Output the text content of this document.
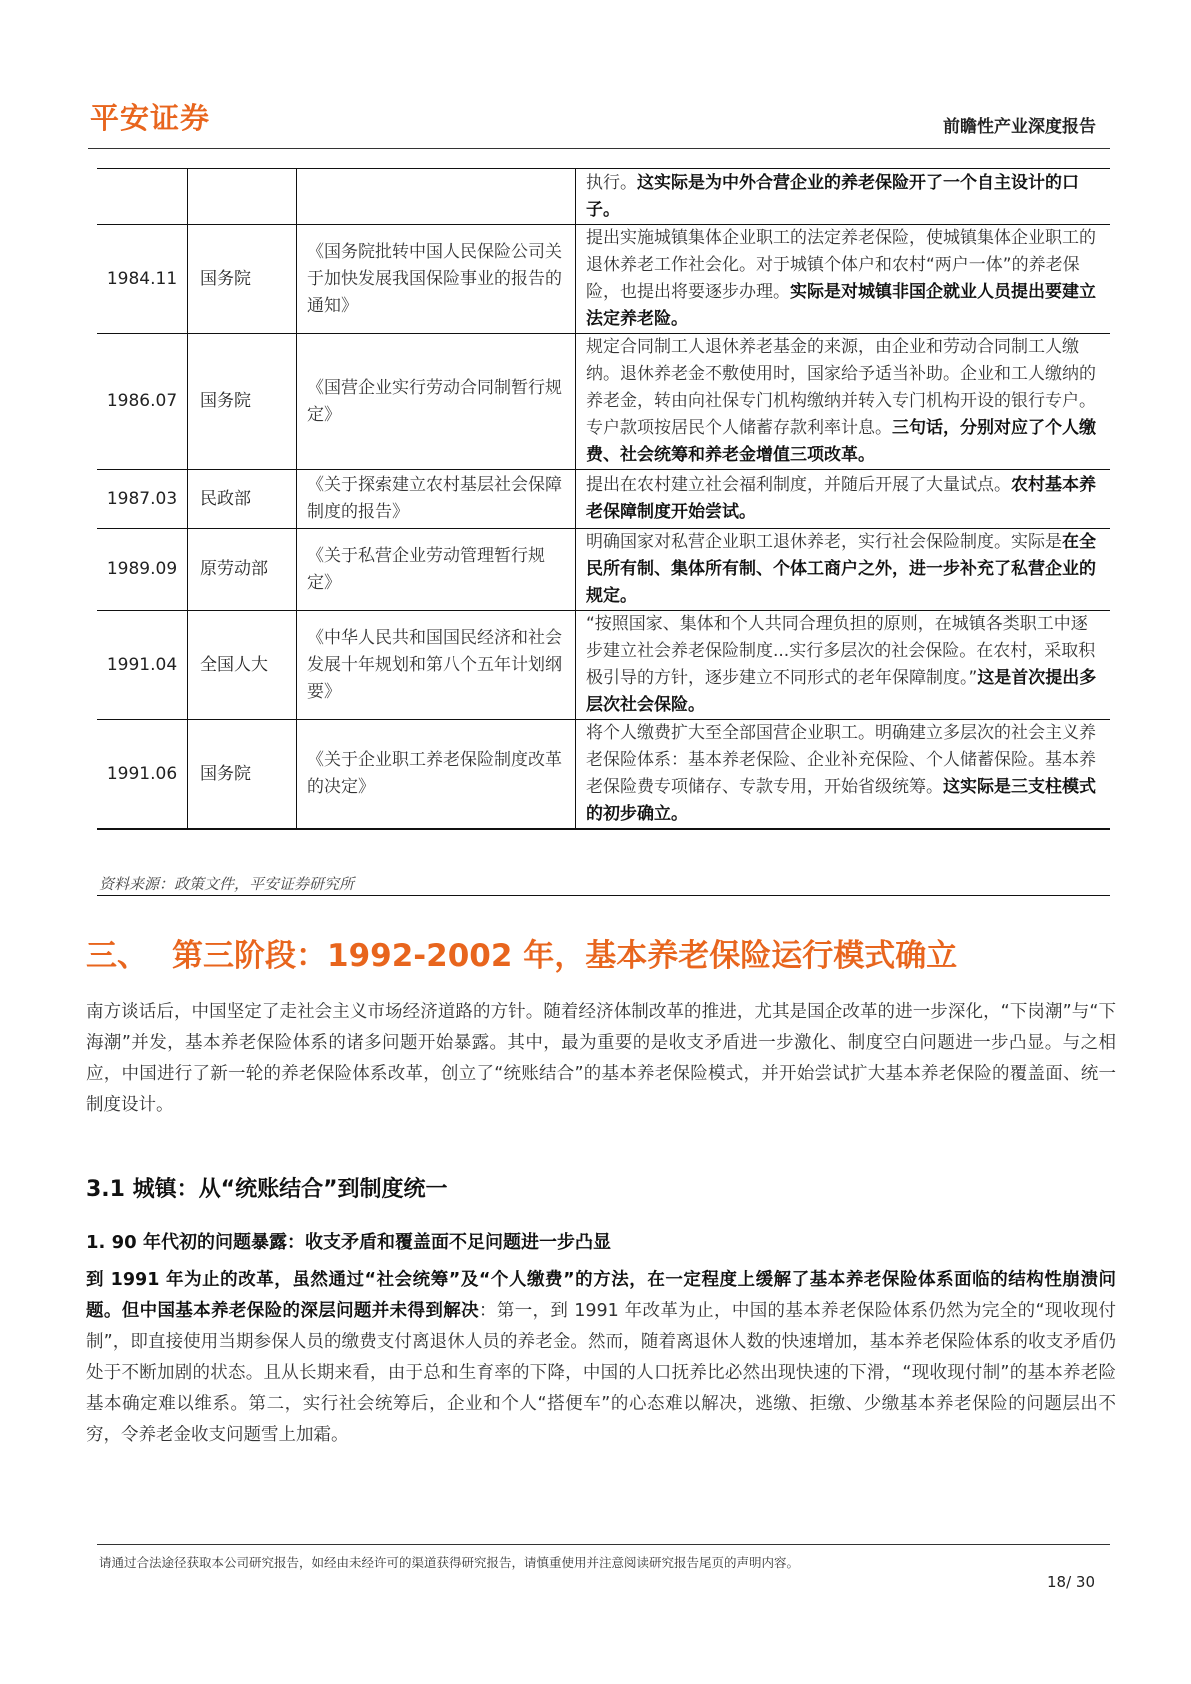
平安证券	前瞻性产业深度报告
			执行。这实际是为中外合营企业的养老保险开了一个自主设计的口子。
1984.11	国务院	《国务院批转中国人民保险公司关于加快发展我国保险事业的报告的通知》	提出实施城镇集体企业职工的法定养老保险，使城镇集体企业职工的退休养老工作社会化。对于城镇个体户和农村“两户一体”的养老保险，也提出将要逐步办理。实际是对城镇非国企就业人员提出要建立法定养老险。
1986.07	国务院	《国营企业实行劳动合同制暂行规定》	规定合同制工人退休养老基金的来源，由企业和劳动合同制工人缴纳。退休养老金不敷使用时，国家给予适当补助。企业和工人缴纳的养老金，转由向社保专门机构缴纳并转入专门机构开设的银行专户。专户款项按居民个人储蓄存款利率计息。三句话，分别对应了个人缴费、社会统筹和养老金增值三项改革。
1987.03	民政部	《关于探索建立农村基层社会保障制度的报告》	提出在农村建立社会福利制度，并随后开展了大量试点。农村基本养老保障制度开始尝试。
1989.09	原劳动部	《关于私营企业劳动管理暂行规定》	明确国家对私营企业职工退休养老，实行社会保险制度。实际是在全民所有制、集体所有制、个体工商户之外，进一步补充了私营企业的规定。
1991.04	全国人大	《中华人民共和国国民经济和社会发展十年规划和第八个五年计划纲要》	“按照国家、集体和个人共同合理负担的原则，在城镇各类职工中逐步建立社会养老保险制度...实行多层次的社会保险。在农村，采取积极引导的方针，逐步建立不同形式的老年保障制度。”这是首次提出多层次社会保险。
1991.06	国务院	《关于企业职工养老保险制度改革的决定》	将个人缴费扩大至全部国营企业职工。明确建立多层次的社会主义养老保险体系：基本养老保险、企业补充保险、个人储蓄保险。基本养老保险费专项储存、专款专用，开始省级统筹。这实际是三支柱模式的初步确立。
资料来源：政策文件，平安证券研究所
三、 第三阶段：1992-2002 年，基本养老保险运行模式确立
南方谈话后，中国坚定了走社会主义市场经济道路的方针。随着经济体制改革的推进，尤其是国企改革的进一步深化，“下岗潮”与“下海潮”并发，基本养老保险体系的诸多问题开始暴露。其中，最为重要的是收支矛盾进一步激化、制度空白问题进一步凸显。与之相应，中国进行了新一轮的养老保险体系改革，创立了“统账结合”的基本养老保险模式，并开始尝试扩大基本养老保险的覆盖面、统一制度设计。
3.1 城镇：从“统账结合”到制度统一
1. 90 年代初的问题暴露：收支矛盾和覆盖面不足问题进一步凸显
到 1991 年为止的改革，虽然通过“社会统筹”及“个人缴费”的方法，在一定程度上缓解了基本养老保险体系面临的结构性崩溃问题。但中国基本养老保险的深层问题并未得到解决：第一，到 1991 年改革为止，中国的基本养老保险体系仍然为完全的“现收现付制”，即直接使用当期参保人员的缴费支付离退休人员的养老金。然而，随着离退休人数的快速增加，基本养老保险体系的收支矛盾仍处于不断加剧的状态。且从长期来看，由于总和生育率的下降，中国的人口抚养比必然出现快速的下滑，“现收现付制”的基本养老险基本确定难以维系。第二，实行社会统筹后，企业和个人“搭便车”的心态难以解决，逃缴、拒缴、少缴基本养老保险的问题层出不穷，令养老金收支问题雪上加霜。
请通过合法途径获取本公司研究报告，如经由未经许可的渠道获得研究报告，请慎重使用并注意阅读研究报告尾页的声明内容。
18/ 30
